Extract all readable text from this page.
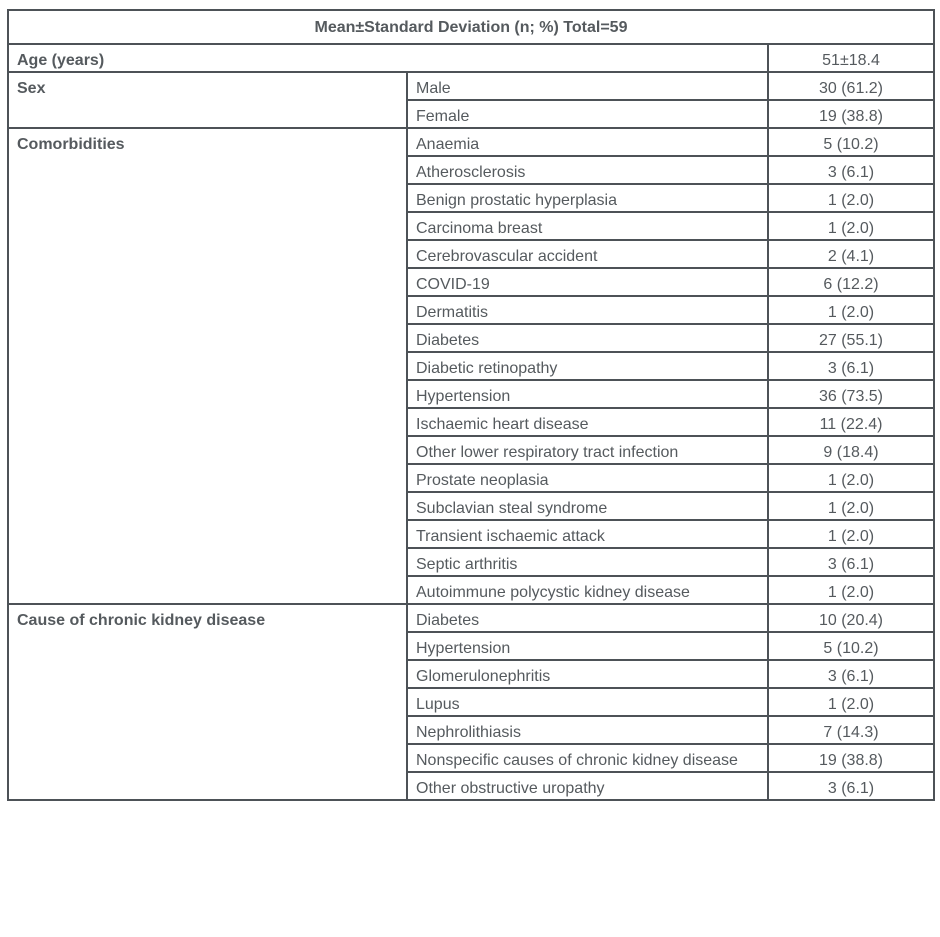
Mean±Standard Deviation (n; %) Total=59		
Age (years)		51±18.4
Sex	Male	30 (61.2)
	Female	19 (38.8)
Comorbidities	Anaemia	5 (10.2)
	Atherosclerosis	3 (6.1)
	Benign prostatic hyperplasia	1 (2.0)
	Carcinoma breast	1 (2.0)
	Cerebrovascular accident	2 (4.1)
	COVID-19	6 (12.2)
	Dermatitis	1 (2.0)
	Diabetes	27 (55.1)
	Diabetic retinopathy	3 (6.1)
	Hypertension	36 (73.5)
	Ischaemic heart disease	11 (22.4)
	Other lower respiratory tract infection	9 (18.4)
	Prostate neoplasia	1 (2.0)
	Subclavian steal syndrome	1 (2.0)
	Transient ischaemic attack	1 (2.0)
	Septic arthritis	3 (6.1)
	Autoimmune polycystic kidney disease	1 (2.0)
Cause of chronic kidney disease	Diabetes	10 (20.4)
	Hypertension	5 (10.2)
	Glomerulonephritis	3 (6.1)
	Lupus	1 (2.0)
	Nephrolithiasis	7 (14.3)
	Nonspecific causes of chronic kidney disease	19 (38.8)
	Other obstructive uropathy	3 (6.1)
